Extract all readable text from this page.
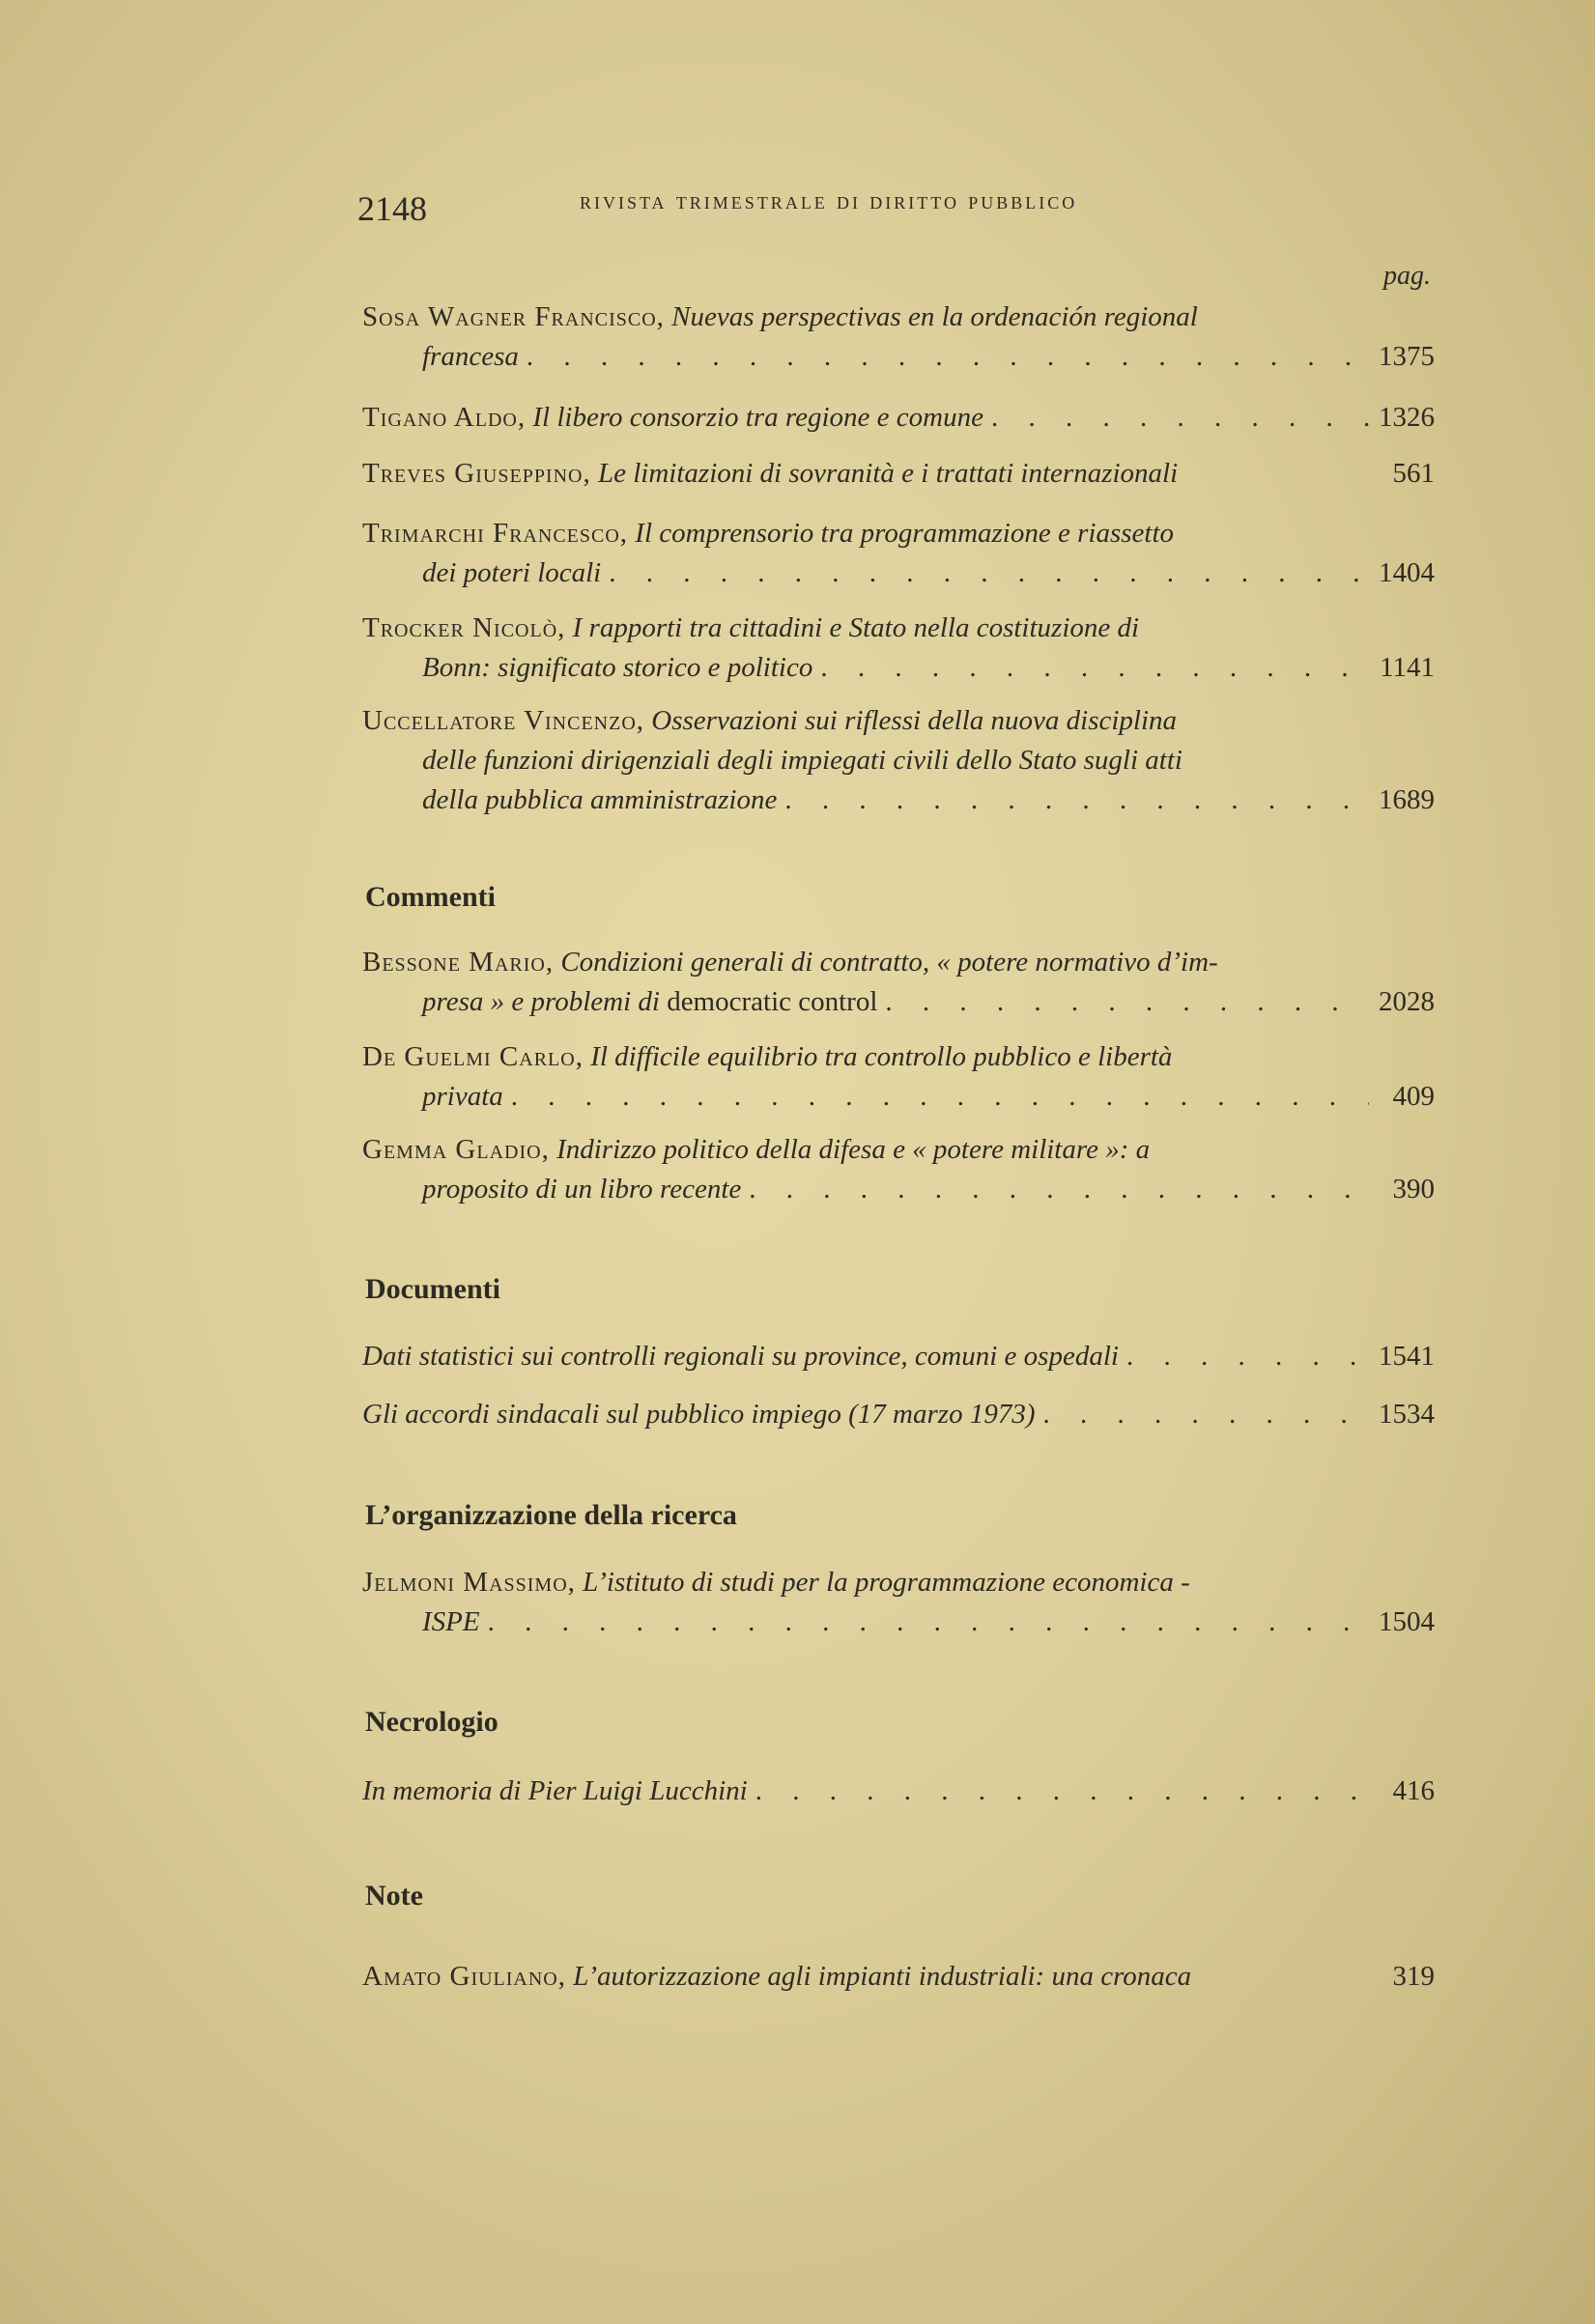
2148	rivista trimestrale di diritto pubblico
pag.
Sosa Wagner Francisco,
Nuevas perspectivas en la ordenación regional
francesa . . .	1375
Tigano Aldo,
Il libero consorzio tra regione e comune . . .	1326
Treves Giuseppino,
Le limitazioni di sovranità e i trattati internazionali	561
Trimarchi Francesco,
Il comprensorio tra programmazione e riassetto
dei poteri locali . . .	1404
Trocker Nicolò,
I rapporti tra cittadini e Stato nella costituzione di
Bonn: significato storico e politico . . .	1141
Uccellatore Vincenzo,
Osservazioni sui riflessi della nuova disciplina
delle funzioni dirigenziali degli impiegati civili dello Stato sugli atti
della pubblica amministrazione . . .	1689
Commenti
Bessone Mario,
Condizioni generali di contratto, « potere normativo d’im-
presa » e problemi di
democratic control . . .	2028
De Guelmi Carlo,
Il difficile equilibrio tra controllo pubblico e libertà
privata . . .	409
Gemma Gladio,
Indirizzo politico della difesa e « potere militare »: a
proposito di un libro recente . . .	390
Documenti
Dati statistici sui controlli regionali su province, comuni e ospedali . . .	1541
Gli accordi sindacali sul pubblico impiego (17 marzo 1973) . . .	1534
L’organizzazione della ricerca
Jelmoni Massimo,
L’istituto di studi per la programmazione economica -
ISPE . . .	1504
Necrologio
In memoria di Pier Luigi Lucchini . . .	416
Note
Amato Giuliano,
L’autorizzazione agli impianti industriali: una cronaca	319
